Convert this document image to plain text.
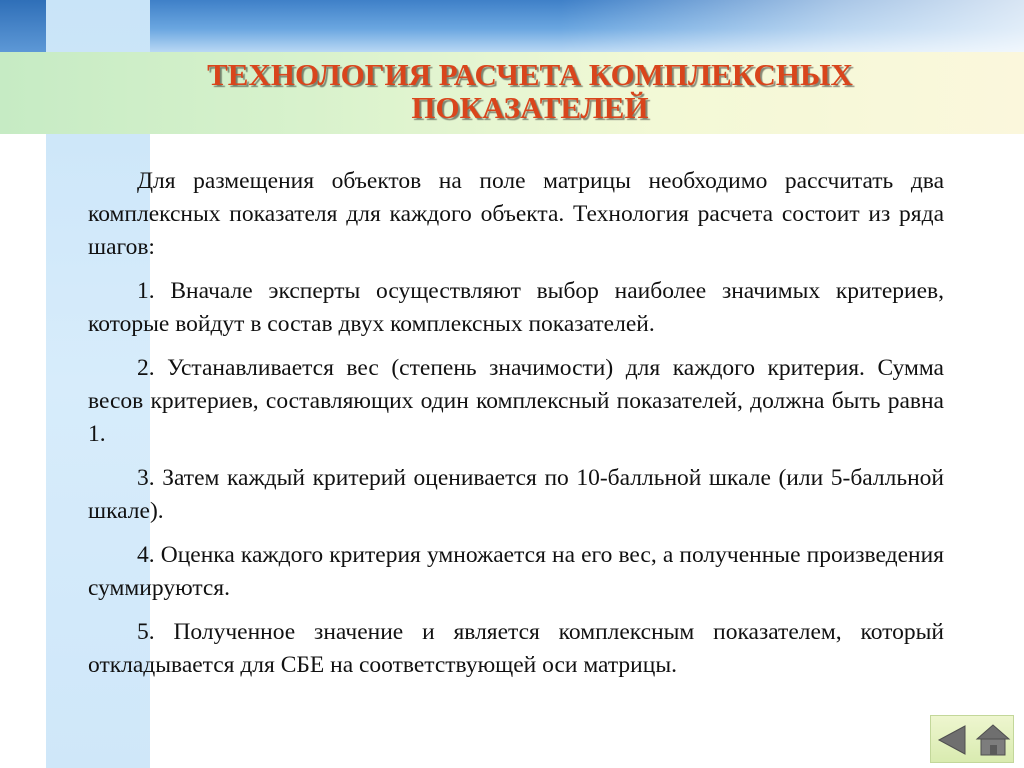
ТЕХНОЛОГИЯ РАСЧЕТА КОМПЛЕКСНЫХ ПОКАЗАТЕЛЕЙ

Для размещения объектов на поле матрицы необходимо рассчитать два комплексных показателя для каждого объекта. Технология расчета состоит из ряда шагов:

1. Вначале эксперты осуществляют выбор наиболее значимых критериев, которые войдут в состав двух комплексных показателей.

2. Устанавливается вес (степень значимости) для каждого критерия. Сумма весов критериев, составляющих один комплексный показателей, должна быть равна 1.

3. Затем каждый критерий оценивается по 10-балльной шкале (или 5-балльной шкале).

4. Оценка каждого критерия умножается на его вес, а полученные произведения суммируются.

5. Полученное значение и является комплексным показателем, который откладывается для СБЕ на соответствующей оси матрицы.
